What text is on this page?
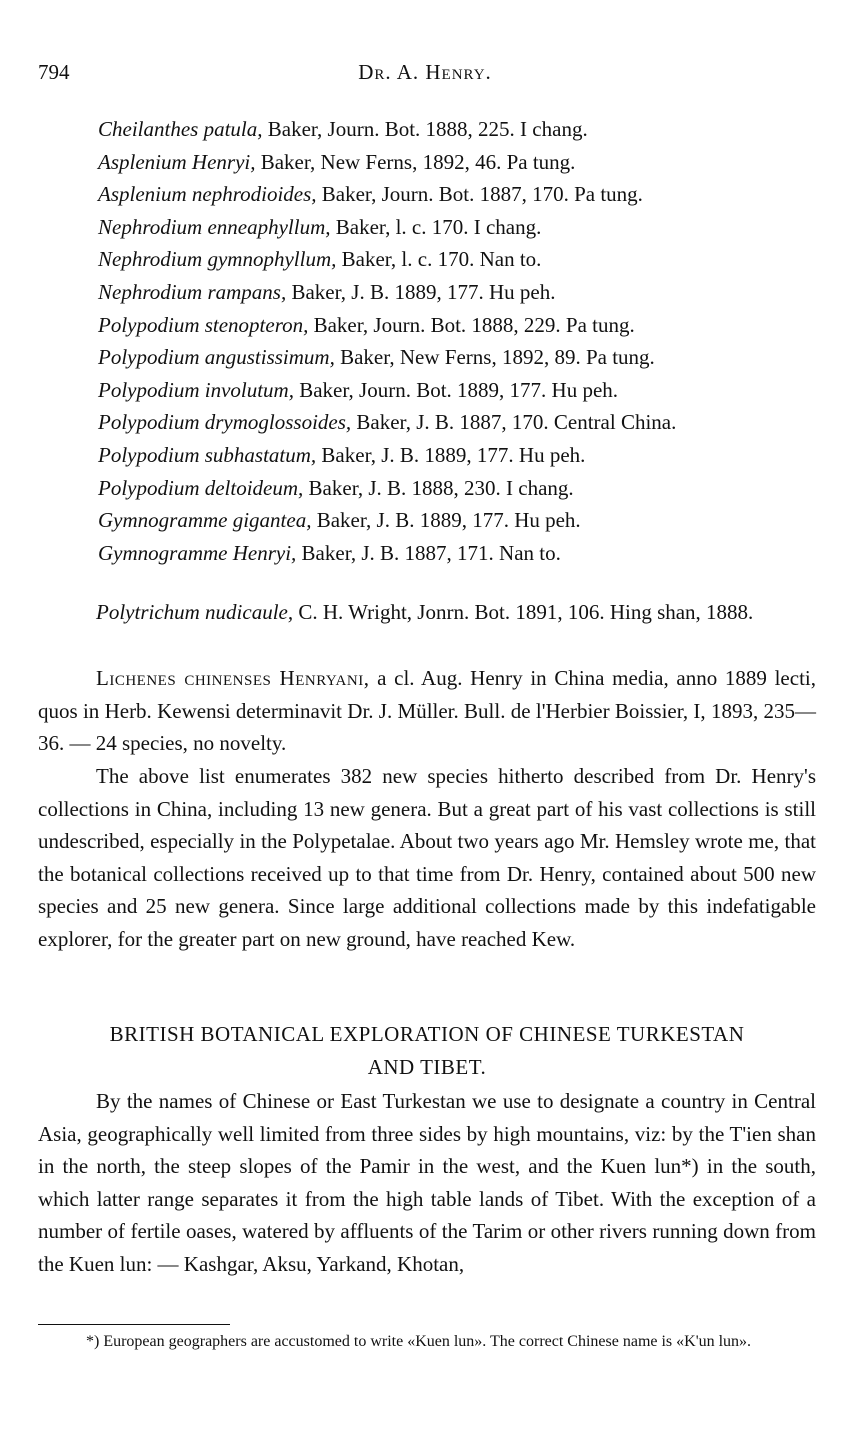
794	Dr. A. Henry.
Cheilanthes patula, Baker, Journ. Bot. 1888, 225. I chang.
Asplenium Henryi, Baker, New Ferns, 1892, 46. Pa tung.
Asplenium nephrodioides, Baker, Journ. Bot. 1887, 170. Pa tung.
Nephrodium enneaphyllum, Baker, l. c. 170. I chang.
Nephrodium gymnophyllum, Baker, l. c. 170. Nan to.
Nephrodium rampans, Baker, J. B. 1889, 177. Hu peh.
Polypodium stenopteron, Baker, Journ. Bot. 1888, 229. Pa tung.
Polypodium angustissimum, Baker, New Ferns, 1892, 89. Pa tung.
Polypodium involutum, Baker, Journ. Bot. 1889, 177. Hu peh.
Polypodium drymoglossoides, Baker, J. B. 1887, 170. Central China.
Polypodium subhastatum, Baker, J. B. 1889, 177. Hu peh.
Polypodium deltoideum, Baker, J. B. 1888, 230. I chang.
Gymnogramme gigantea, Baker, J. B. 1889, 177. Hu peh.
Gymnogramme Henryi, Baker, J. B. 1887, 171. Nan to.
Polytrichum nudicaule, C. H. Wright, Jonrn. Bot. 1891, 106. Hing shan, 1888.
Lichenes chinenses Henryani, a cl. Aug. Henry in China media, anno 1889 lecti, quos in Herb. Kewensi determinavit Dr. J. Müller. Bull. de l'Herbier Boissier, I, 1893, 235—36. — 24 species, no novelty.
The above list enumerates 382 new species hitherto described from Dr. Henry's collections in China, including 13 new genera. But a great part of his vast collections is still undescribed, especially in the Polypetalae. About two years ago Mr. Hemsley wrote me, that the botanical collections received up to that time from Dr. Henry, contained about 500 new species and 25 new genera. Since large additional collections made by this indefatigable explorer, for the greater part on new ground, have reached Kew.
BRITISH BOTANICAL EXPLORATION OF CHINESE TURKESTAN
AND TIBET.
By the names of Chinese or East Turkestan we use to designate a country in Central Asia, geographically well limited from three sides by high mountains, viz: by the T'ien shan in the north, the steep slopes of the Pamir in the west, and the Kuen lun*) in the south, which latter range separates it from the high table lands of Tibet. With the exception of a number of fertile oases, watered by affluents of the Tarim or other rivers running down from the Kuen lun: — Kashgar, Aksu, Yarkand, Khotan,
*) European geographers are accustomed to write «Kuen lun». The correct Chinese name is «K'un lun».
